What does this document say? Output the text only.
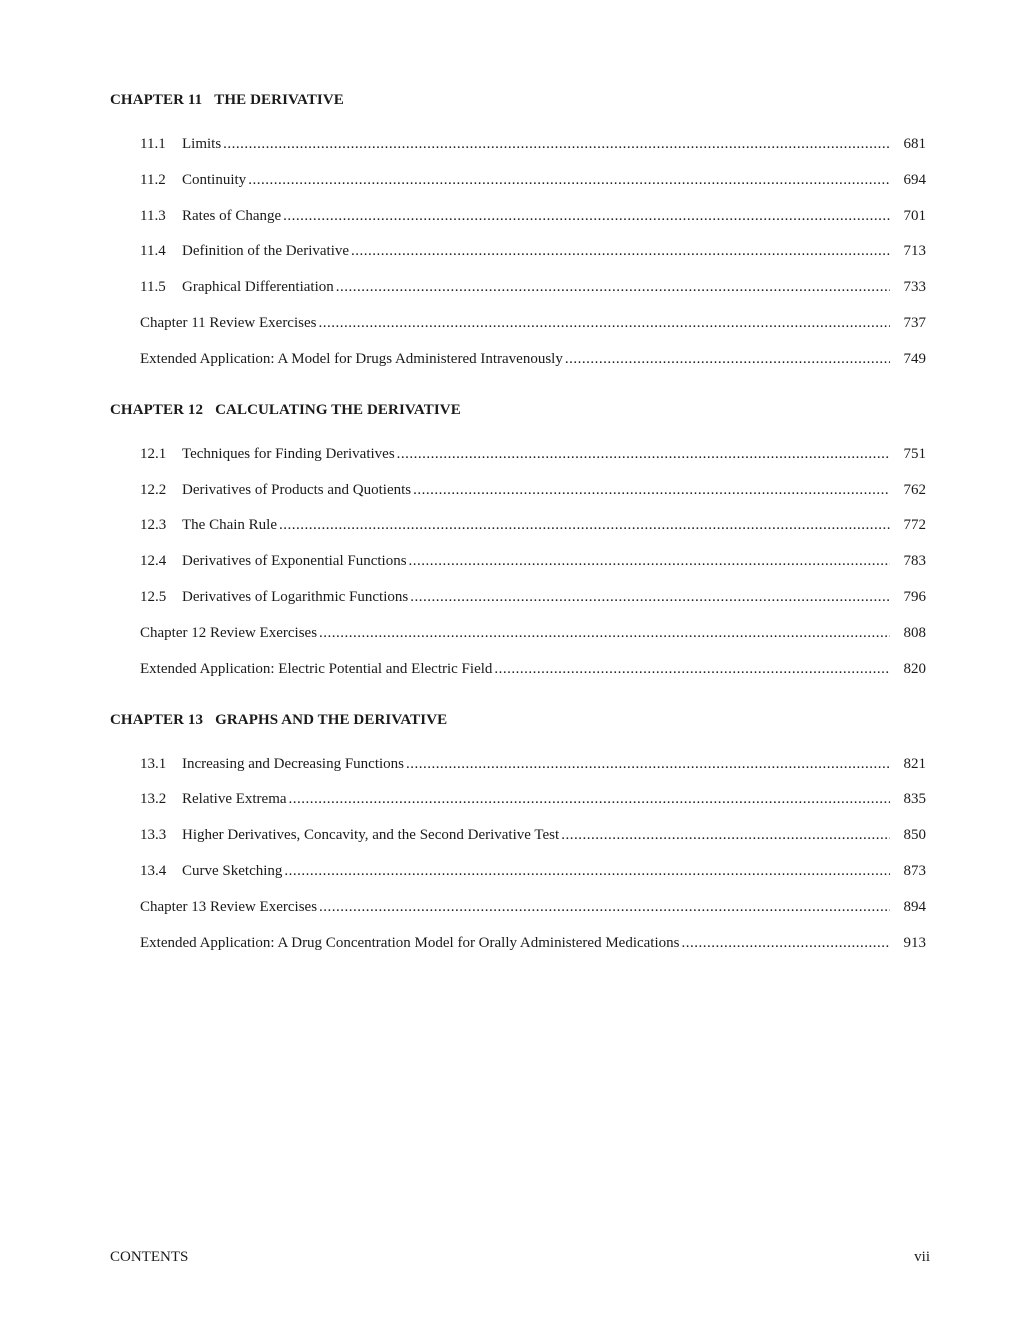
CHAPTER 11 THE DERIVATIVE
11.1	Limits .....	681
11.2	Continuity .....	694
11.3	Rates of Change .....	701
11.4	Definition of the Derivative .....	713
11.5	Graphical Differentiation .....	733
Chapter 11 Review Exercises .....	737
Extended Application: A Model for Drugs Administered Intravenously .....	749
CHAPTER 12 CALCULATING THE DERIVATIVE
12.1	Techniques for Finding Derivatives .....	751
12.2	Derivatives of Products and Quotients .....	762
12.3	The Chain Rule .....	772
12.4	Derivatives of Exponential Functions .....	783
12.5	Derivatives of Logarithmic Functions .....	796
Chapter 12 Review Exercises .....	808
Extended Application: Electric Potential and Electric Field .....	820
CHAPTER 13 GRAPHS AND THE DERIVATIVE
13.1	Increasing and Decreasing Functions .....	821
13.2	Relative Extrema .....	835
13.3	Higher Derivatives, Concavity, and the Second Derivative Test .....	850
13.4	Curve Sketching .....	873
Chapter 13 Review Exercises .....	894
Extended Application: A Drug Concentration Model for Orally Administered Medications .....	913
CONTENTS	vii
